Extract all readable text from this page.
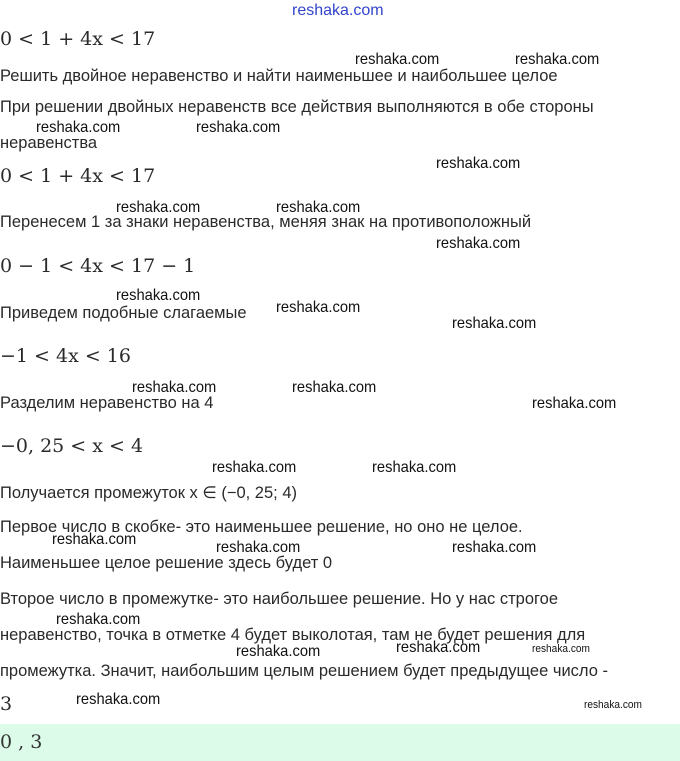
reshaka.com
0 < 1 + 4x < 17
Решить двойное неравенство и найти наименьшее и наибольшее целое
При решении двойных неравенств все действия выполняются в обе стороны
неравенства
0 < 1 + 4x < 17
Перенесем 1 за знаки неравенства, меняя знак на противоположный
0 − 1 < 4x < 17 − 1
Приведем подобные слагаемые
−1 < 4x < 16
Разделим неравенство на 4
−0, 25 < x < 4
Получается промежуток x ∈ (−0, 25; 4)
Первое число в скобке- это наименьшее решение, но оно не целое.
Наименьшее целое решение здесь будет 0
Второе число в промежутке- это наибольшее решение. Но у нас строгое
неравенство, точка в отметке 4 будет выколотая, там не будет решения для
промежутка. Значит, наибольшим целым решением будет предыдущее число -
3
reshaka.com	reshaka.com
reshaka.com	reshaka.com
reshaka.com
reshaka.com	reshaka.com
reshaka.com
reshaka.com
reshaka.com
reshaka.com
reshaka.com	reshaka.com
reshaka.com
reshaka.com	reshaka.com
reshaka.com	reshaka.com	reshaka.com
reshaka.com
reshaka.com	reshaka.com	reshaka.com
reshaka.com	reshaka.com
0 , 3
